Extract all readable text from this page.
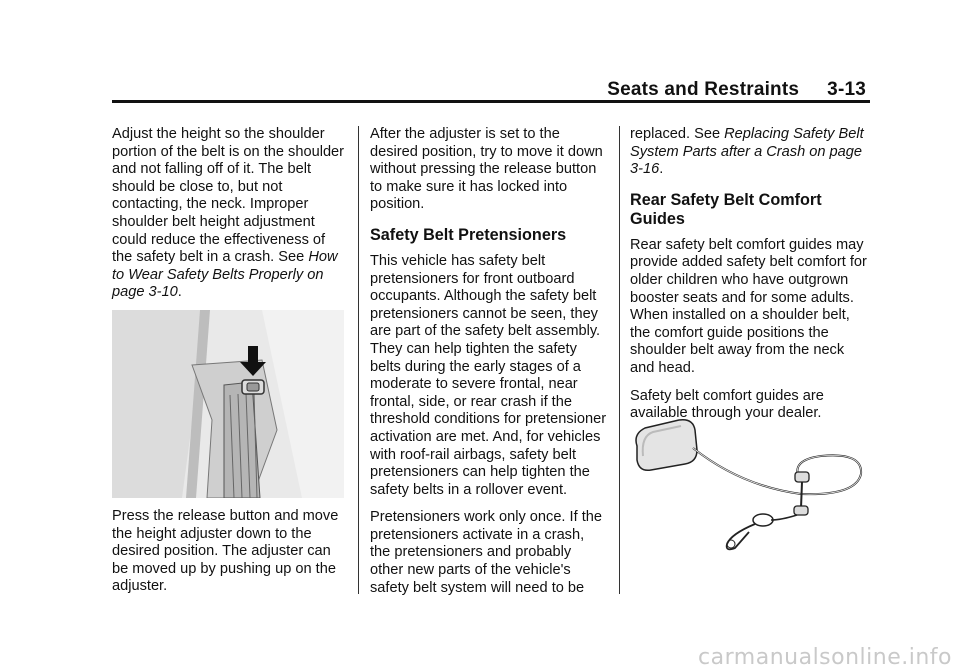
Seats and Restraints 3-13

Adjust the height so the shoulder portion of the belt is on the shoulder and not falling off of it. The belt should be close to, but not contacting, the neck. Improper shoulder belt height adjustment could reduce the effectiveness of the safety belt in a crash. See How to Wear Safety Belts Properly on page 3-10.

Press the release button and move the height adjuster down to the desired position. The adjuster can be moved up by pushing up on the adjuster.

After the adjuster is set to the desired position, try to move it down without pressing the release button to make sure it has locked into position.

Safety Belt Pretensioners

This vehicle has safety belt pretensioners for front outboard occupants. Although the safety belt pretensioners cannot be seen, they are part of the safety belt assembly. They can help tighten the safety belts during the early stages of a moderate to severe frontal, near frontal, side, or rear crash if the threshold conditions for pretensioner activation are met. And, for vehicles with roof-rail airbags, safety belt pretensioners can help tighten the safety belts in a rollover event.

Pretensioners work only once. If the pretensioners activate in a crash, the pretensioners and probably other new parts of the vehicle's safety belt system will need to be

replaced. See Replacing Safety Belt System Parts after a Crash on page 3-16.

Rear Safety Belt Comfort Guides

Rear safety belt comfort guides may provide added safety belt comfort for older children who have outgrown booster seats and for some adults. When installed on a shoulder belt, the comfort guide positions the shoulder belt away from the neck and head.

Safety belt comfort guides are available through your dealer.

carmanualsonline.info
